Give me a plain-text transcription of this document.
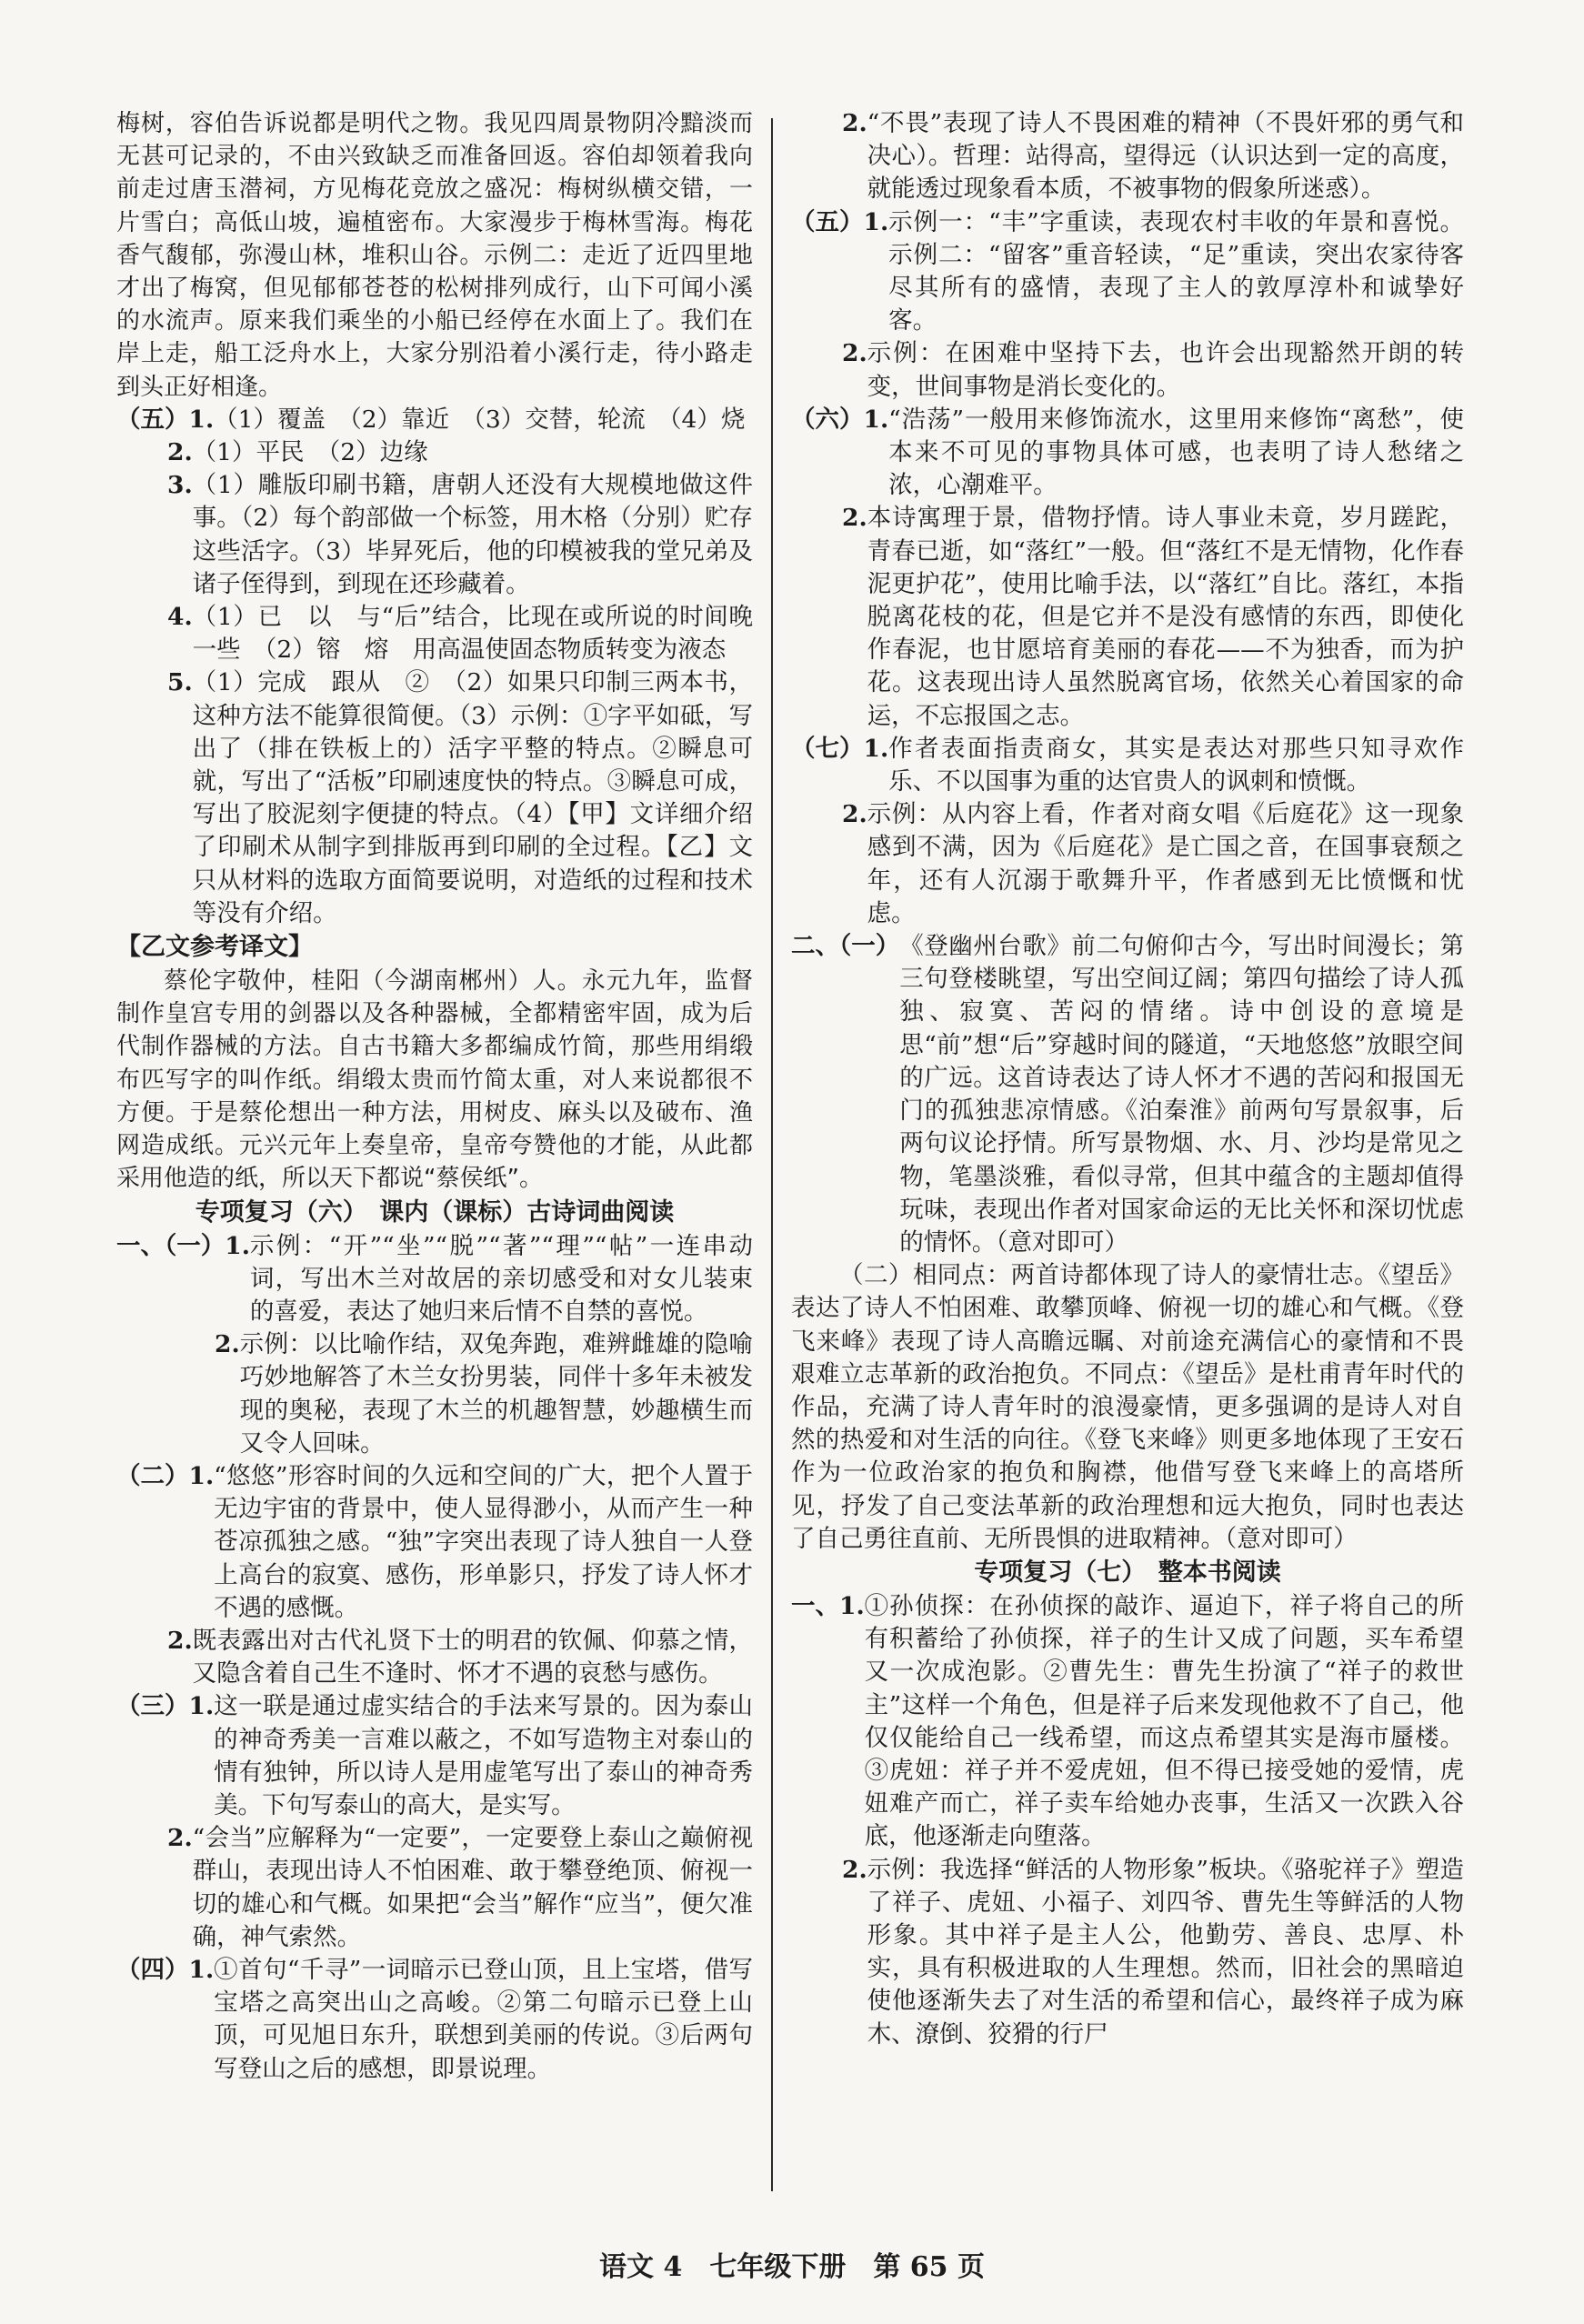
梅树，容伯告诉说都是明代之物。我见四周景物阴冷黯淡而无甚可记录的，不由兴致缺乏而准备回返。容伯却领着我向前走过唐玉潜祠，方见梅花竞放之盛况：梅树纵横交错，一片雪白；高低山坡，遍植密布。大家漫步于梅林雪海。梅花香气馥郁，弥漫山林，堆积山谷。示例二：走近了近四里地才出了梅窝，但见郁郁苍苍的松树排列成行，山下可闻小溪的水流声。原来我们乘坐的小船已经停在水面上了。我们在岸上走，船工泛舟水上，大家分别沿着小溪行走，待小路走到头正好相逢。

（五）1. （1）覆盖　（2）靠近　（3）交替，轮流　（4）烧
2. （1）平民　（2）边缘
3. （1）雕版印刷书籍，唐朝人还没有大规模地做这件事。（2）每个韵部做一个标签，用木格（分别）贮存这些活字。（3）毕昇死后，他的印模被我的堂兄弟及诸子侄得到，到现在还珍藏着。
4. （1）已　以　与“后”结合，比现在或所说的时间晚一些　（2）镕　熔　用高温使固态物质转变为液态
5. （1）完成　跟从　②　（2）如果只印制三两本书，这种方法不能算很简便。（3）示例：①字平如砥，写出了（排在铁板上的）活字平整的特点。②瞬息可就，写出了“活板”印刷速度快的特点。③瞬息可成，写出了胶泥刻字便捷的特点。（4）【甲】文详细介绍了印刷术从制字到排版再到印刷的全过程。【乙】文只从材料的选取方面简要说明，对造纸的过程和技术等没有介绍。

【乙文参考译文】

蔡伦字敬仲，桂阳（今湖南郴州）人。永元九年，监督制作皇宫专用的剑器以及各种器械，全都精密牢固，成为后代制作器械的方法。自古书籍大多都编成竹简，那些用绢缎布匹写字的叫作纸。绢缎太贵而竹简太重，对人来说都很不方便。于是蔡伦想出一种方法，用树皮、麻头以及破布、渔网造成纸。元兴元年上奏皇帝，皇帝夸赞他的才能，从此都采用他造的纸，所以天下都说“蔡侯纸”。

专项复习（六）　课内（课标）古诗词曲阅读

一、（一）1. 示例：“开”“坐”“脱”“著”“理”“帖”一连串动词，写出木兰对故居的亲切感受和对女儿装束的喜爱，表达了她归来后情不自禁的喜悦。
2. 示例：以比喻作结，双兔奔跑，难辨雌雄的隐喻巧妙地解答了木兰女扮男装，同伴十多年未被发现的奥秘，表现了木兰的机趣智慧，妙趣横生而又令人回味。
（二）1. “悠悠”形容时间的久远和空间的广大，把个人置于无边宇宙的背景中，使人显得渺小，从而产生一种苍凉孤独之感。“独”字突出表现了诗人独自一人登上高台的寂寞、感伤，形单影只，抒发了诗人怀才不遇的感慨。
2. 既表露出对古代礼贤下士的明君的钦佩、仰慕之情，又隐含着自己生不逢时、怀才不遇的哀愁与感伤。
（三）1. 这一联是通过虚实结合的手法来写景的。因为泰山的神奇秀美一言难以蔽之，不如写造物主对泰山的情有独钟，所以诗人是用虚笔写出了泰山的神奇秀美。下句写泰山的高大，是实写。
2. “会当”应解释为“一定要”，一定要登上泰山之巅俯视群山，表现出诗人不怕困难、敢于攀登绝顶、俯视一切的雄心和气概。如果把“会当”解作“应当”，便欠准确，神气索然。
（四）1. ①首句“千寻”一词暗示已登山顶，且上宝塔，借写宝塔之高突出山之高峻。②第二句暗示已登上山顶，可见旭日东升，联想到美丽的传说。③后两句写登山之后的感想，即景说理。
2. “不畏”表现了诗人不畏困难的精神（不畏奸邪的勇气和决心）。哲理：站得高，望得远（认识达到一定的高度，就能透过现象看本质，不被事物的假象所迷惑）。
（五）1. 示例一：“丰”字重读，表现农村丰收的年景和喜悦。示例二：“留客”重音轻读，“足”重读，突出农家待客尽其所有的盛情，表现了主人的敦厚淳朴和诚挚好客。
2. 示例：在困难中坚持下去，也许会出现豁然开朗的转变，世间事物是消长变化的。
（六）1. “浩荡”一般用来修饰流水，这里用来修饰“离愁”，使本来不可见的事物具体可感，也表明了诗人愁绪之浓，心潮难平。
2. 本诗寓理于景，借物抒情。诗人事业未竟，岁月蹉跎，青春已逝，如“落红”一般。但“落红不是无情物，化作春泥更护花”，使用比喻手法，以“落红”自比。落红，本指脱离花枝的花，但是它并不是没有感情的东西，即使化作春泥，也甘愿培育美丽的春花——不为独香，而为护花。这表现出诗人虽然脱离官场，依然关心着国家的命运，不忘报国之志。
（七）1. 作者表面指责商女，其实是表达对那些只知寻欢作乐、不以国事为重的达官贵人的讽刺和愤慨。
2. 示例：从内容上看，作者对商女唱《后庭花》这一现象感到不满，因为《后庭花》是亡国之音，在国事衰颓之年，还有人沉溺于歌舞升平，作者感到无比愤慨和忧虑。
二、（一） 《登幽州台歌》前二句俯仰古今，写出时间漫长；第三句登楼眺望，写出空间辽阔；第四句描绘了诗人孤独、寂寞、苦闷的情绪。诗中创设的意境是思“前”想“后”穿越时间的隧道，“天地悠悠”放眼空间的广远。这首诗表达了诗人怀才不遇的苦闷和报国无门的孤独悲凉情感。《泊秦淮》前两句写景叙事，后两句议论抒情。所写景物烟、水、月、沙均是常见之物，笔墨淡雅，看似寻常，但其中蕴含的主题却值得玩味，表现出作者对国家命运的无比关怀和深切忧虑的情怀。（意对即可）

（二）相同点：两首诗都体现了诗人的豪情壮志。《望岳》表达了诗人不怕困难、敢攀顶峰、俯视一切的雄心和气概。《登飞来峰》表现了诗人高瞻远瞩、对前途充满信心的豪情和不畏艰难立志革新的政治抱负。不同点：《望岳》是杜甫青年时代的作品，充满了诗人青年时的浪漫豪情，更多强调的是诗人对自然的热爱和对生活的向往。《登飞来峰》则更多地体现了王安石作为一位政治家的抱负和胸襟，他借写登飞来峰上的高塔所见，抒发了自己变法革新的政治理想和远大抱负，同时也表达了自己勇往直前、无所畏惧的进取精神。（意对即可）

专项复习（七）　整本书阅读

一、1. ①孙侦探：在孙侦探的敲诈、逼迫下，祥子将自己的所有积蓄给了孙侦探，祥子的生计又成了问题，买车希望又一次成泡影。②曹先生：曹先生扮演了“祥子的救世主”这样一个角色，但是祥子后来发现他救不了自己，他仅仅能给自己一线希望，而这点希望其实是海市蜃楼。③虎妞：祥子并不爱虎妞，但不得已接受她的爱情，虎妞难产而亡，祥子卖车给她办丧事，生活又一次跌入谷底，他逐渐走向堕落。
2. 示例：我选择“鲜活的人物形象”板块。《骆驼祥子》塑造了祥子、虎妞、小福子、刘四爷、曹先生等鲜活的人物形象。其中祥子是主人公，他勤劳、善良、忠厚、朴实，具有积极进取的人生理想。然而，旧社会的黑暗迫使他逐渐失去了对生活的希望和信心，最终祥子成为麻木、潦倒、狡猾的行尸
语文 4　七年级下册　第 65 页
